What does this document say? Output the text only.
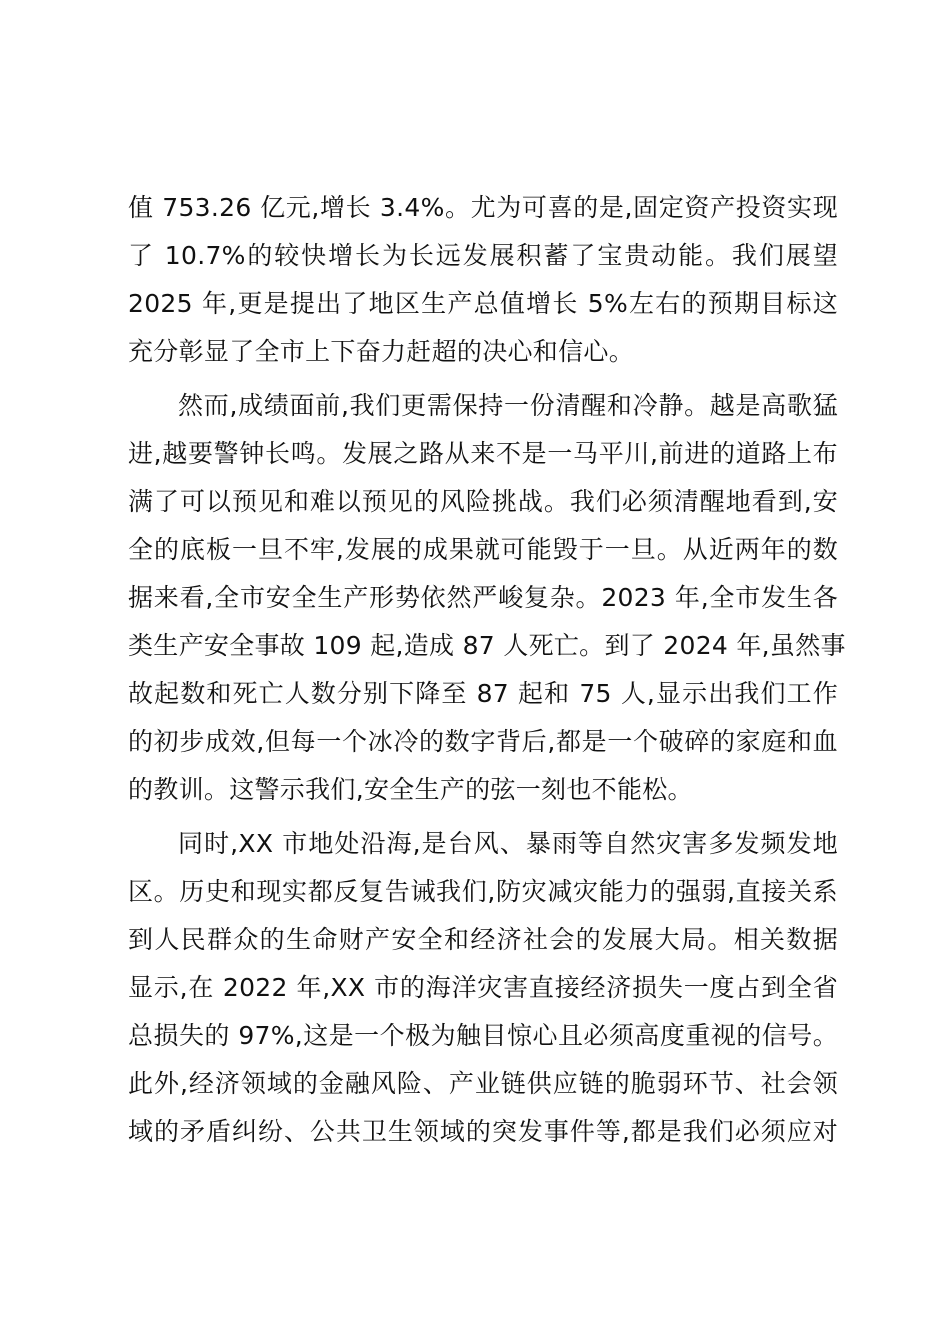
值 753.26 亿元,增长 3.4%。尤为可喜的是,固定资产投资实现
了 10.7%的较快增长为长远发展积蓄了宝贵动能。我们展望
2025 年,更是提出了地区生产总值增长 5%左右的预期目标这
充分彰显了全市上下奋力赶超的决心和信心。
然而,成绩面前,我们更需保持一份清醒和冷静。越是高歌猛
进,越要警钟长鸣。发展之路从来不是一马平川,前进的道路上布
满了可以预见和难以预见的风险挑战。我们必须清醒地看到,安
全的底板一旦不牢,发展的成果就可能毁于一旦。从近两年的数
据来看,全市安全生产形势依然严峻复杂。2023 年,全市发生各
类生产安全事故 109 起,造成 87 人死亡。到了 2024 年,虽然事
故起数和死亡人数分别下降至 87 起和 75 人,显示出我们工作
的初步成效,但每一个冰冷的数字背后,都是一个破碎的家庭和血
的教训。这警示我们,安全生产的弦一刻也不能松。
同时,XX 市地处沿海,是台风、暴雨等自然灾害多发频发地
区。历史和现实都反复告诫我们,防灾减灾能力的强弱,直接关系
到人民群众的生命财产安全和经济社会的发展大局。相关数据
显示,在 2022 年,XX 市的海洋灾害直接经济损失一度占到全省
总损失的 97%,这是一个极为触目惊心且必须高度重视的信号。
此外,经济领域的金融风险、产业链供应链的脆弱环节、社会领
域的矛盾纠纷、公共卫生领域的突发事件等,都是我们必须应对
